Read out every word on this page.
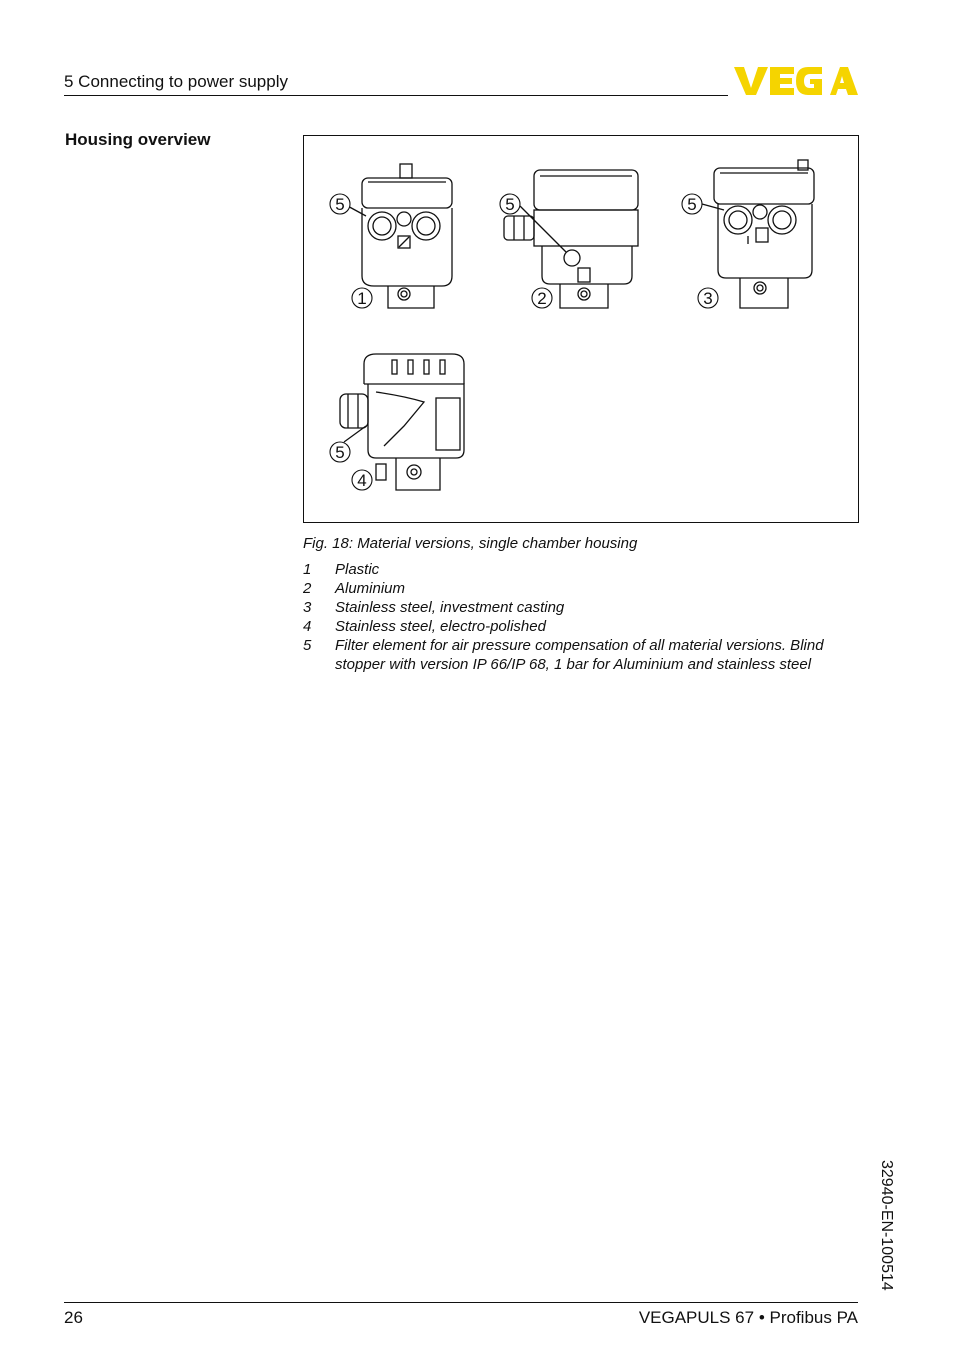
5 Connecting to power supply
Housing overview
5
1
5
2
5
3
5
4
Fig. 18: Material versions, single chamber housing
1 Plastic
2 Aluminium
3 Stainless steel, investment casting
4 Stainless steel, electro-polished
5 Filter element for air pressure compensation of all material versions. Blind stopper with version IP 66/IP 68, 1 bar for Aluminium and stainless steel
32940-EN-100514
26	VEGAPULS 67 • Profibus PA
